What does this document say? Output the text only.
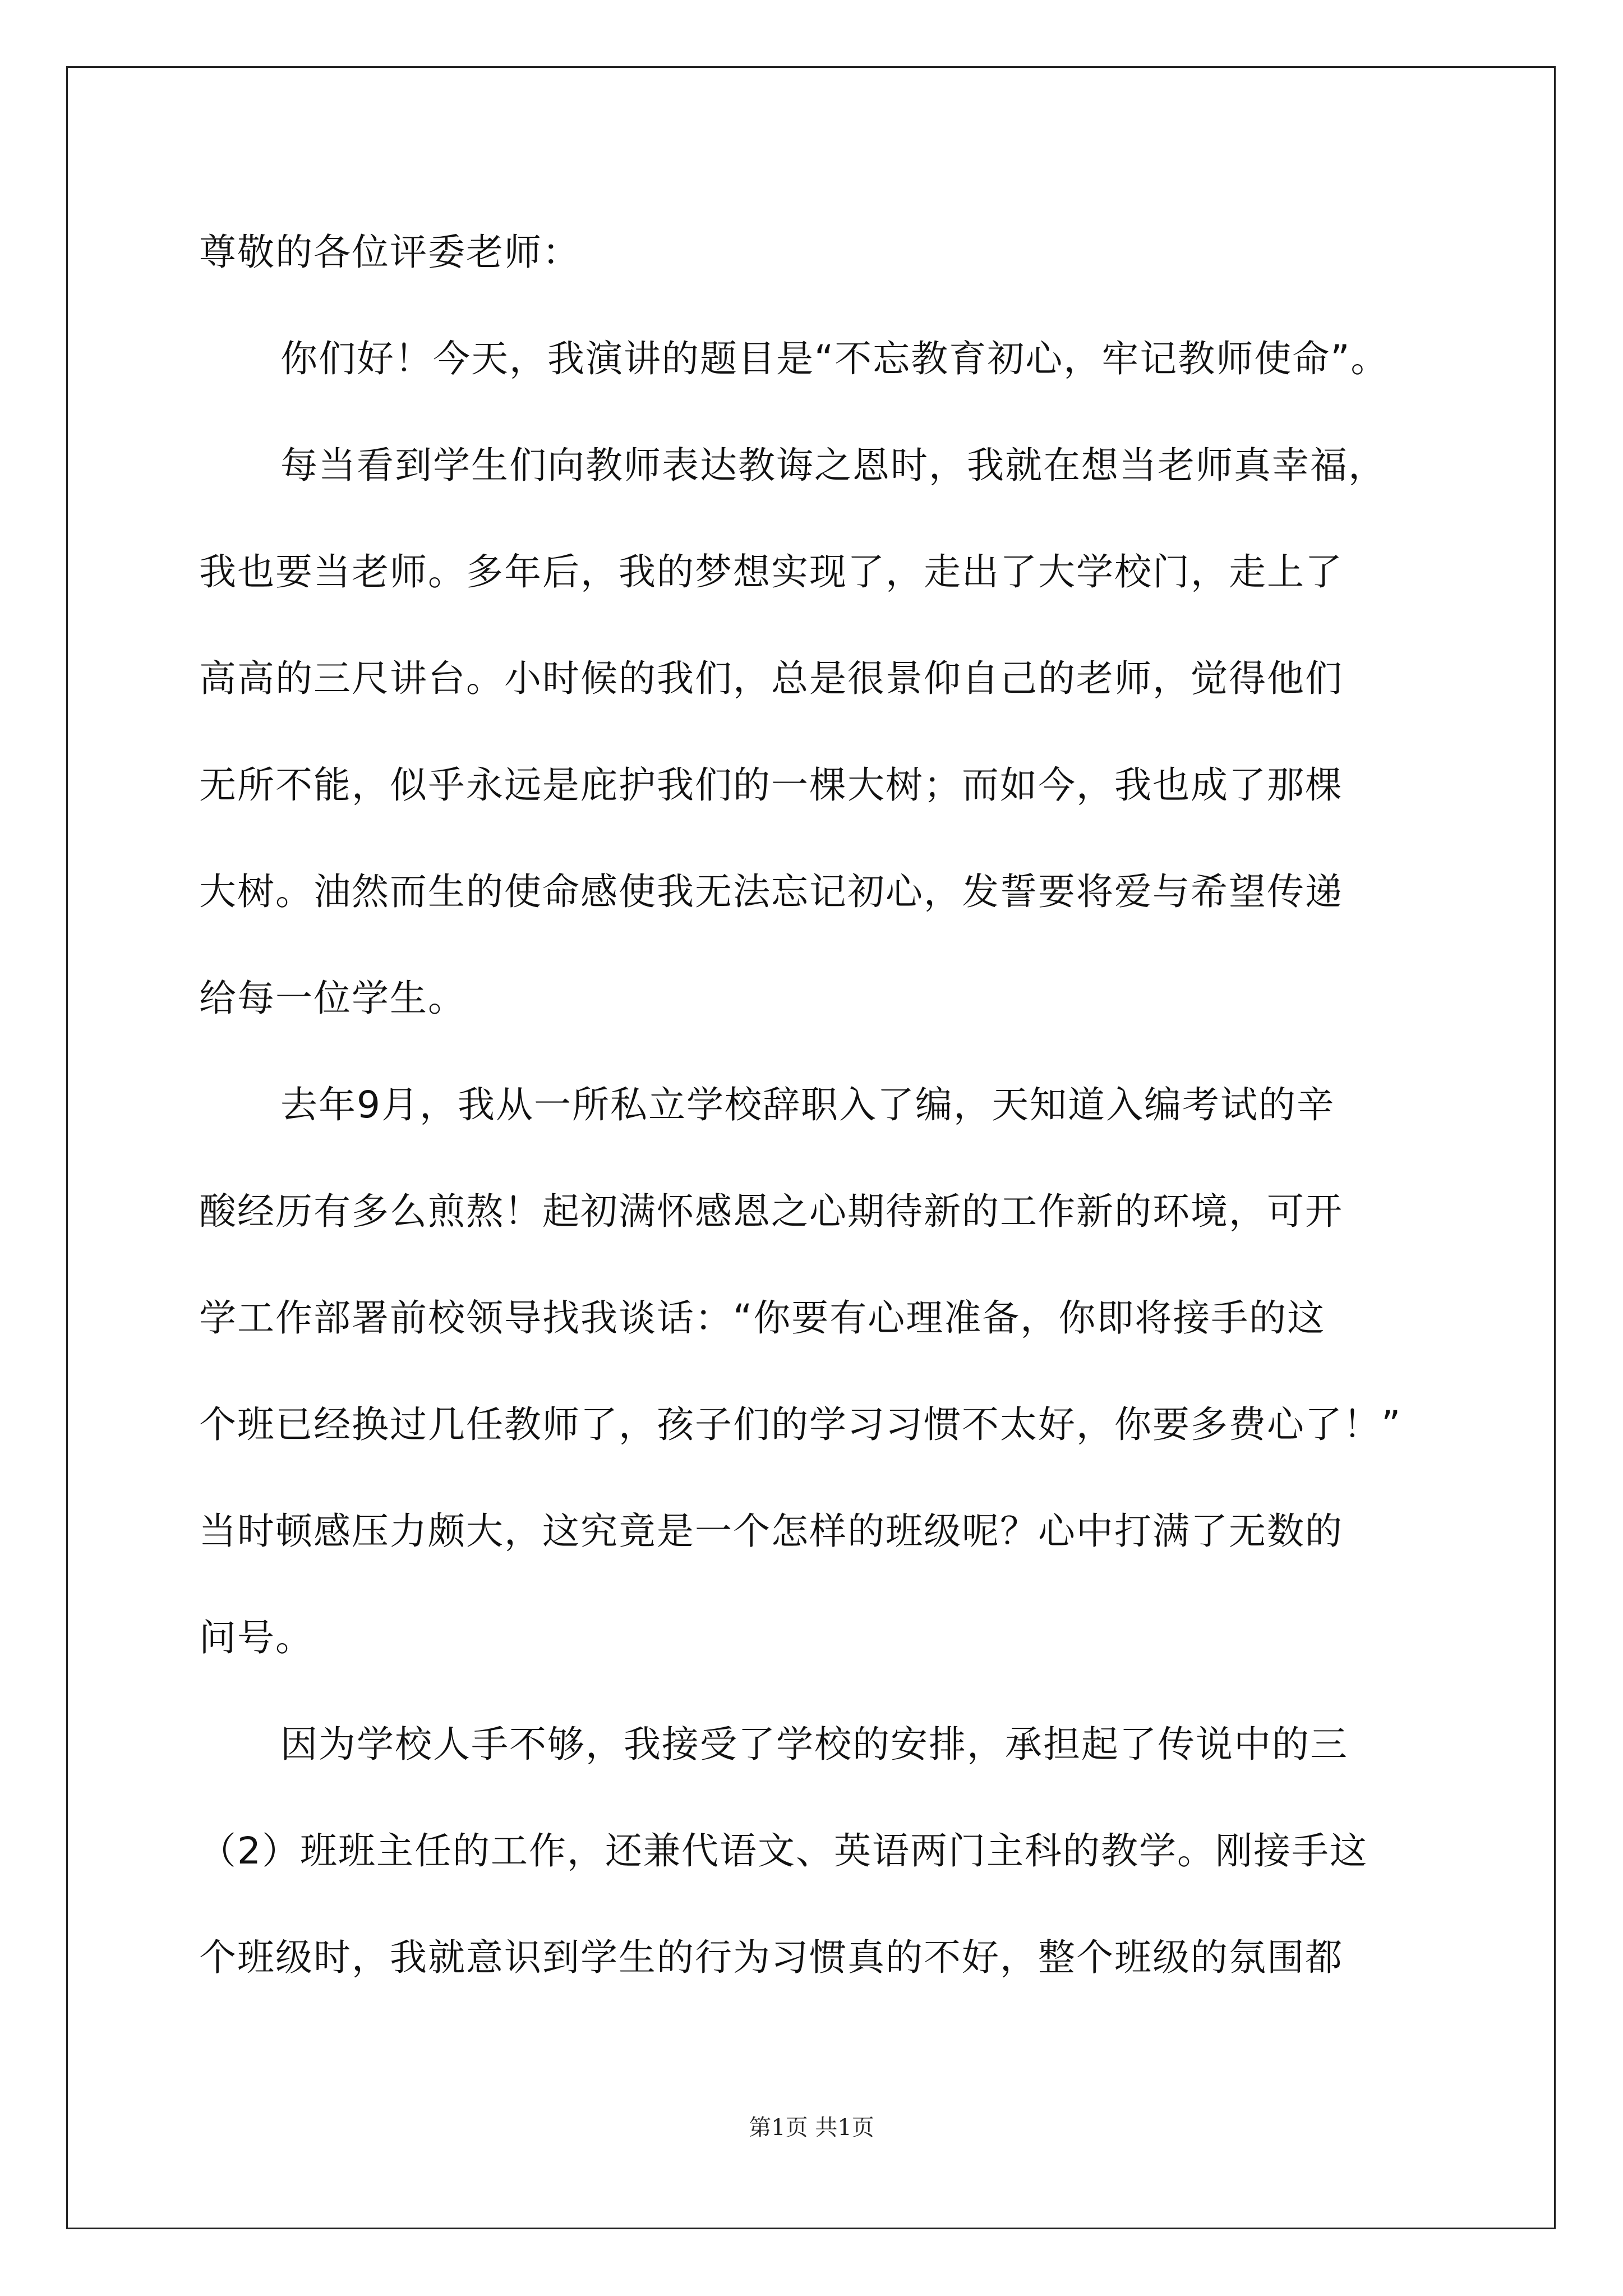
尊敬的各位评委老师：
你们好！今天，我演讲的题目是“不忘教育初心，牢记教师使命”。
每当看到学生们向教师表达教诲之恩时，我就在想当老师真幸福，
我也要当老师。多年后，我的梦想实现了，走出了大学校门，走上了
高高的三尺讲台。小时候的我们，总是很景仰自己的老师，觉得他们
无所不能，似乎永远是庇护我们的一棵大树；而如今，我也成了那棵
大树。油然而生的使命感使我无法忘记初心，发誓要将爱与希望传递
给每一位学生。
去年9月，我从一所私立学校辞职入了编，天知道入编考试的辛
酸经历有多么煎熬！起初满怀感恩之心期待新的工作新的环境，可开
学工作部署前校领导找我谈话：“你要有心理准备，你即将接手的这
个班已经换过几任教师了，孩子们的学习习惯不太好，你要多费心了！”
当时顿感压力颇大，这究竟是一个怎样的班级呢？心中打满了无数的
问号。
因为学校人手不够，我接受了学校的安排，承担起了传说中的三
（2）班班主任的工作，还兼代语文、英语两门主科的教学。刚接手这
个班级时，我就意识到学生的行为习惯真的不好，整个班级的氛围都
第1页 共1页
